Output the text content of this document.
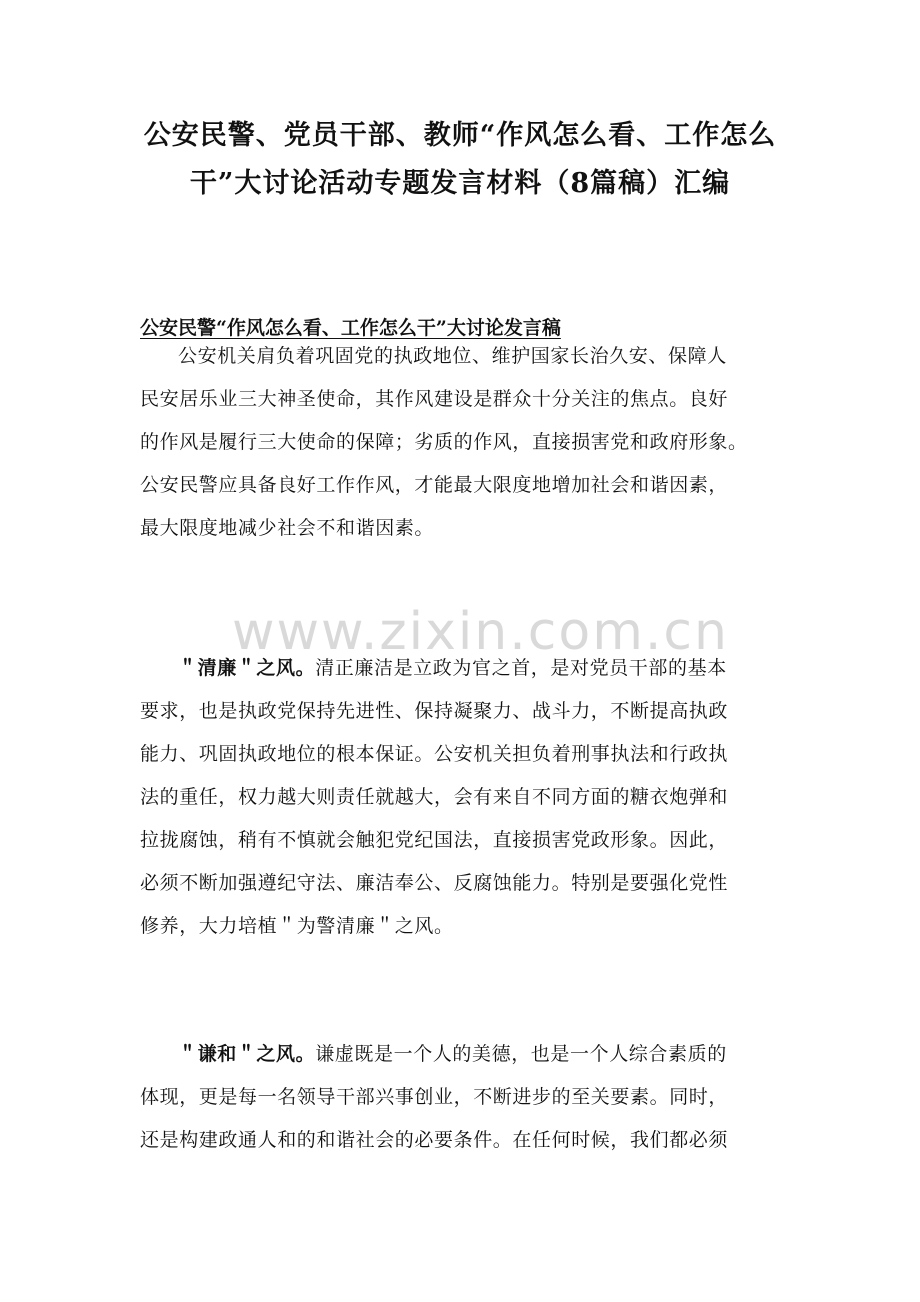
公安民警、党员干部、教师“作风怎么看、工作怎么
干”大讨论活动专题发言材料（8篇稿）汇编
公安民警“作风怎么看、工作怎么干”大讨论发言稿
公安机关肩负着巩固党的执政地位、维护国家长治久安、保障人
民安居乐业三大神圣使命，其作风建设是群众十分关注的焦点。良好
的作风是履行三大使命的保障；劣质的作风，直接损害党和政府形象。
公安民警应具备良好工作作风，才能最大限度地增加社会和谐因素，
最大限度地减少社会不和谐因素。
www.zixin.com.cn
＂清廉＂之风。清正廉洁是立政为官之首，是对党员干部的基本
要求，也是执政党保持先进性、保持凝聚力、战斗力，不断提高执政
能力、巩固执政地位的根本保证。公安机关担负着刑事执法和行政执
法的重任，权力越大则责任就越大，会有来自不同方面的糖衣炮弹和
拉拢腐蚀，稍有不慎就会触犯党纪国法，直接损害党政形象。因此，
必须不断加强遵纪守法、廉洁奉公、反腐蚀能力。特别是要强化党性
修养，大力培植＂为警清廉＂之风。
＂谦和＂之风。谦虚既是一个人的美德，也是一个人综合素质的
体现，更是每一名领导干部兴事创业，不断进步的至关要素。同时，
还是构建政通人和的和谐社会的必要条件。在任何时候，我们都必须
